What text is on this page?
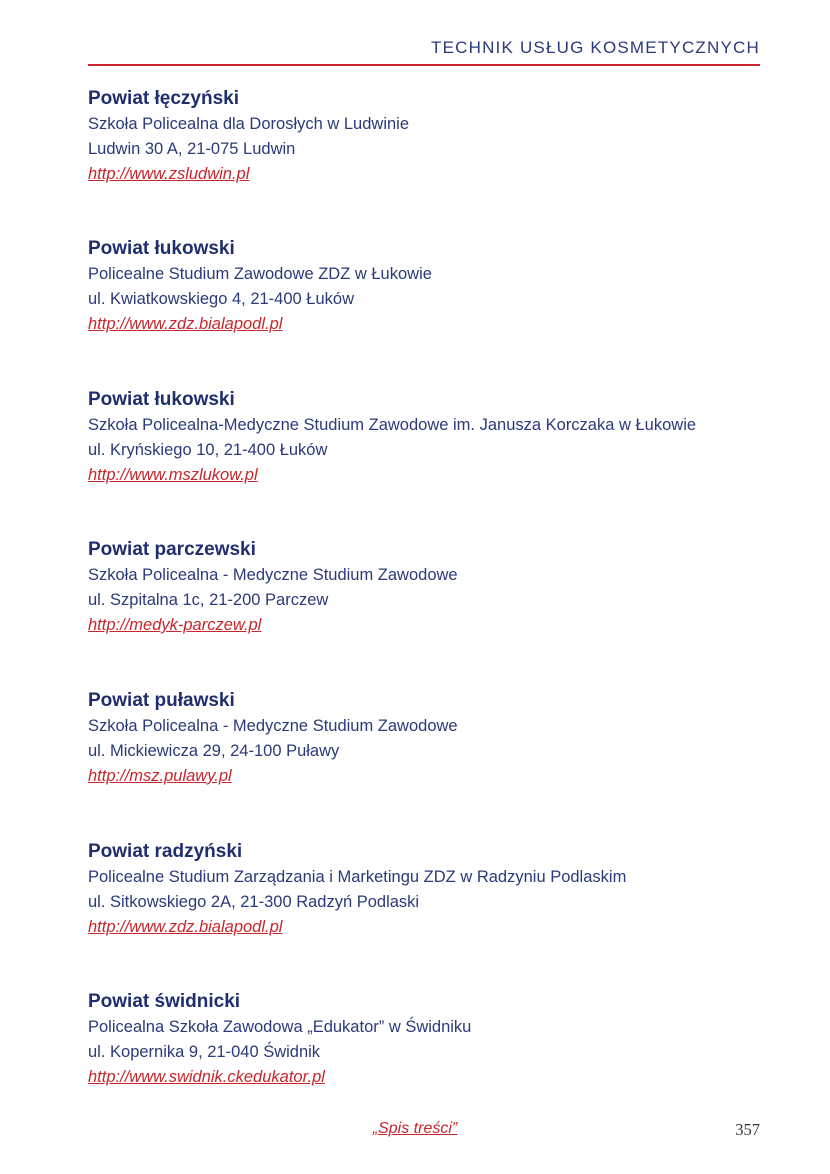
TECHNIK USŁUG KOSMETYCZNYCH

Powiat łęczyński

Szkoła Policealna dla Dorosłych w Ludwinie

Ludwin 30 A, 21-075 Ludwin

http://www.zsludwin.pl

Powiat łukowski

Policealne Studium Zawodowe ZDZ w Łukowie

ul. Kwiatkowskiego 4, 21-400 Łuków

http://www.zdz.bialapodl.pl

Powiat łukowski

Szkoła Policealna-Medyczne Studium Zawodowe im. Janusza Korczaka w Łukowie

ul. Kryńskiego 10, 21-400 Łuków

http://www.mszlukow.pl

Powiat parczewski

Szkoła Policealna - Medyczne Studium Zawodowe

ul. Szpitalna 1c, 21-200 Parczew

http://medyk-parczew.pl

Powiat puławski

Szkoła Policealna - Medyczne Studium Zawodowe

ul. Mickiewicza 29, 24-100 Puławy

http://msz.pulawy.pl

Powiat radzyński

Policealne Studium Zarządzania i Marketingu ZDZ w Radzyniu Podlaskim

ul. Sitkowskiego 2A, 21-300 Radzyń Podlaski

http://www.zdz.bialapodl.pl

Powiat świdnicki

Policealna Szkoła Zawodowa „Edukator” w Świdniku

ul. Kopernika 9, 21-040 Świdnik

http://www.swidnik.ckedukator.pl
„Spis treści”	357
